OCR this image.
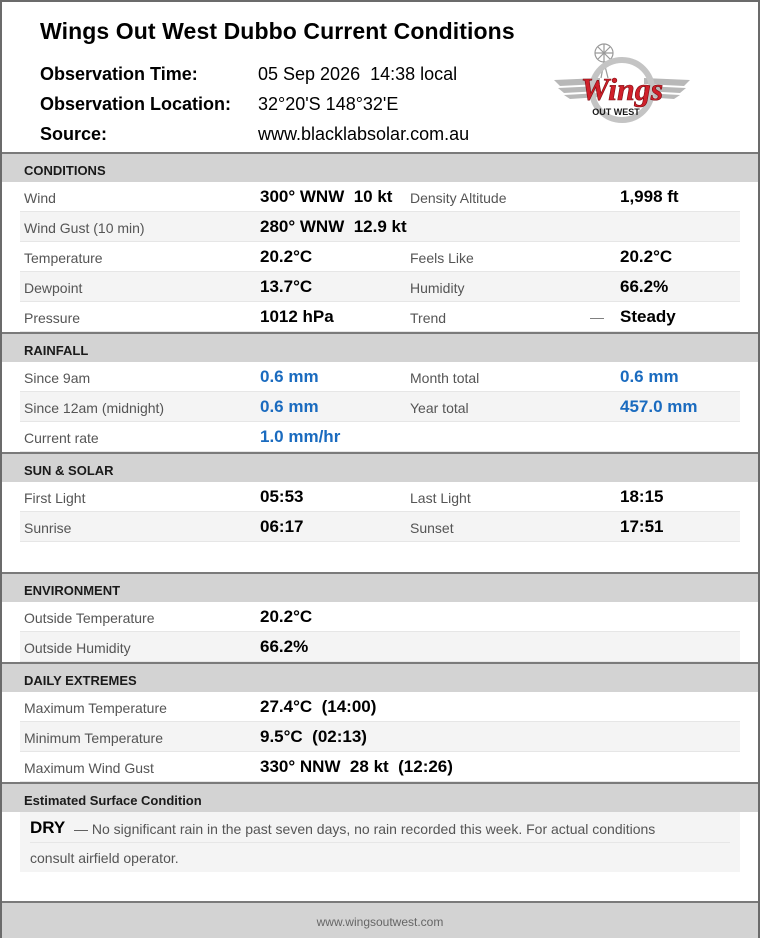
Wings Out West Dubbo Current Conditions
Observation Time:	05 Sep 2026  14:38 local
Observation Location: 32°20'S 148°32'E
Source:	www.blacklabsolar.com.au
Wings
OUT WEST
CONDITIONS
Wind	300° WNW  10 kt Density Altitude	1,998 ft
Wind Gust (10 min)	280° WNW  12.9 kt
Temperature	20.2°C	Feels Like	20.2°C
Dewpoint	13.7°C	Humidity	66.2%
Pressure	1012 hPa	Trend	— Steady
RAINFALL
Since 9am	0.6 mm	Month total	0.6 mm
Since 12am (midnight)	0.6 mm	Year total	457.0 mm
Current rate	1.0 mm/hr
SUN & SOLAR
First Light	05:53	Last Light	18:15
Sunrise	06:17	Sunset	17:51
ENVIRONMENT
Outside Temperature	20.2°C
Outside Humidity	66.2%
DAILY EXTREMES
Maximum Temperature	27.4°C  (14:00)
Minimum Temperature	9.5°C  (02:13)
Maximum Wind Gust	330° NNW  28 kt  (12:26)
Estimated Surface Condition
DRY — No significant rain in the past seven days, no rain recorded this week. For actual conditions
consult airfield operator.
www.wingsoutwest.com
